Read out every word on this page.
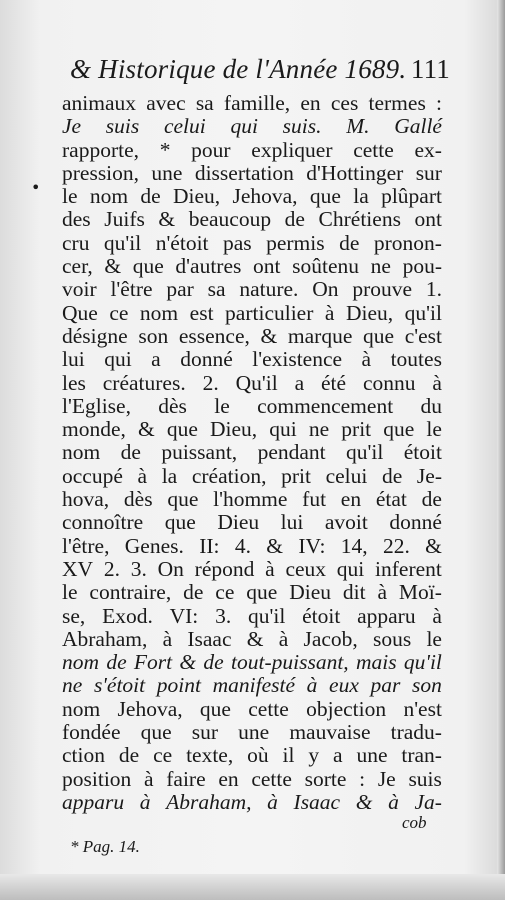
& Historique de l'Année 1689. 111
•
animaux avec sa famille, en ces termes :
Je suis celui qui suis. M. Gallé
rapporte, * pour expliquer cette ex-
pression, une dissertation d'Hottinger sur
le nom de Dieu, Jehova, que la plûpart
des Juifs & beaucoup de Chrétiens ont
cru qu'il n'étoit pas permis de pronon-
cer, & que d'autres ont soûtenu ne pou-
voir l'être par sa nature. On prouve 1.
Que ce nom est particulier à Dieu, qu'il
désigne son essence, & marque que c'est
lui qui a donné l'existence à toutes
les créatures. 2. Qu'il a été connu à
l'Eglise, dès le commencement du
monde, & que Dieu, qui ne prit que le
nom de puissant, pendant qu'il étoit
occupé à la création, prit celui de Je-
hova, dès que l'homme fut en état de
connoître que Dieu lui avoit donné
l'être, Genes. II: 4. & IV: 14, 22. &
XV 2. 3. On répond à ceux qui inferent
le contraire, de ce que Dieu dit à Moï-
se, Exod. VI: 3. qu'il étoit apparu à
Abraham, à Isaac & à Jacob, sous le
nom de Fort & de tout-puissant, mais qu'il
ne s'étoit point manifesté à eux par son
nom Jehova, que cette objection n'est
fondée que sur une mauvaise tradu-
ction de ce texte, où il y a une tran-
position à faire en cette sorte : Je suis
apparu à Abraham, à Isaac & à Ja-
cob
* Pag. 14.
